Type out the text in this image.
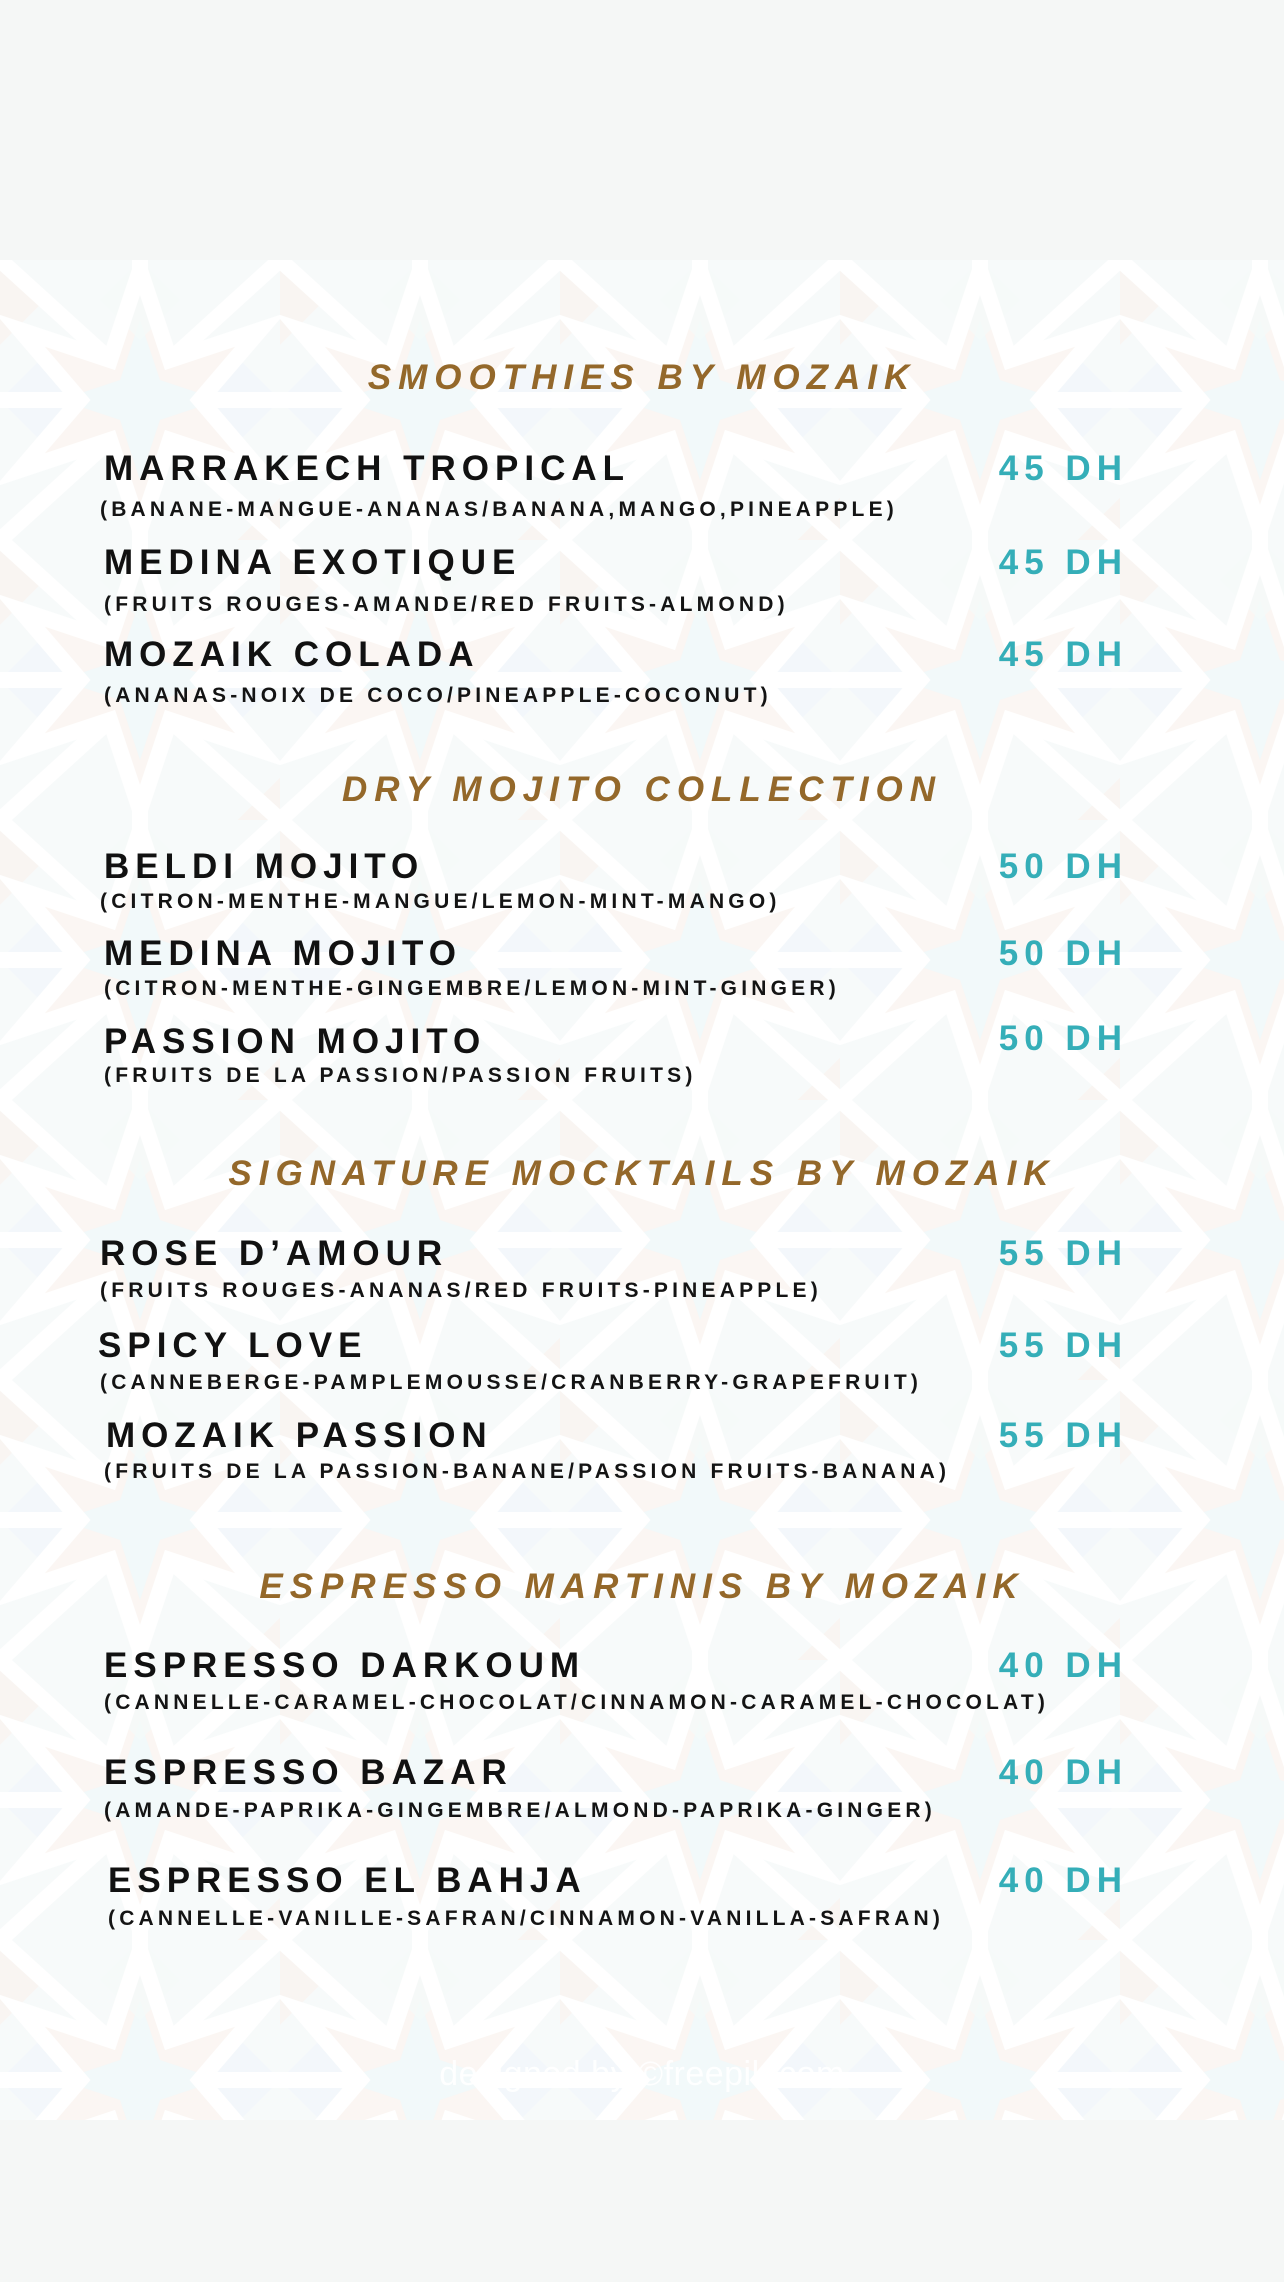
SMOOTHIES BY MOZAIK
MARRAKECH TROPICAL	45 DH
(BANANE-MANGUE-ANANAS/BANANA,MANGO,PINEAPPLE)
MEDINA EXOTIQUE	45 DH
(FRUITS ROUGES-AMANDE/RED FRUITS-ALMOND)
MOZAIK COLADA	45 DH
(ANANAS-NOIX DE COCO/PINEAPPLE-COCONUT)
DRY MOJITO COLLECTION
BELDI MOJITO	50 DH
(CITRON-MENTHE-MANGUE/LEMON-MINT-MANGO)
MEDINA MOJITO	50 DH
(CITRON-MENTHE-GINGEMBRE/LEMON-MINT-GINGER)
PASSION MOJITO	50 DH
(FRUITS DE LA PASSION/PASSION FRUITS)
SIGNATURE MOCKTAILS BY MOZAIK
ROSE D’AMOUR	55 DH
(FRUITS ROUGES-ANANAS/RED FRUITS-PINEAPPLE)
SPICY LOVE	55 DH
(CANNEBERGE-PAMPLEMOUSSE/CRANBERRY-GRAPEFRUIT)
MOZAIK PASSION	55 DH
(FRUITS DE LA PASSION-BANANE/PASSION FRUITS-BANANA)
ESPRESSO MARTINIS BY MOZAIK
ESPRESSO DARKOUM	40 DH
(CANNELLE-CARAMEL-CHOCOLAT/CINNAMON-CARAMEL-CHOCOLAT)
ESPRESSO BAZAR	40 DH
(AMANDE-PAPRIKA-GINGEMBRE/ALMOND-PAPRIKA-GINGER)
ESPRESSO EL BAHJA	40 DH
(CANNELLE-VANILLE-SAFRAN/CINNAMON-VANILLA-SAFRAN)
designed by ©freepik.com
